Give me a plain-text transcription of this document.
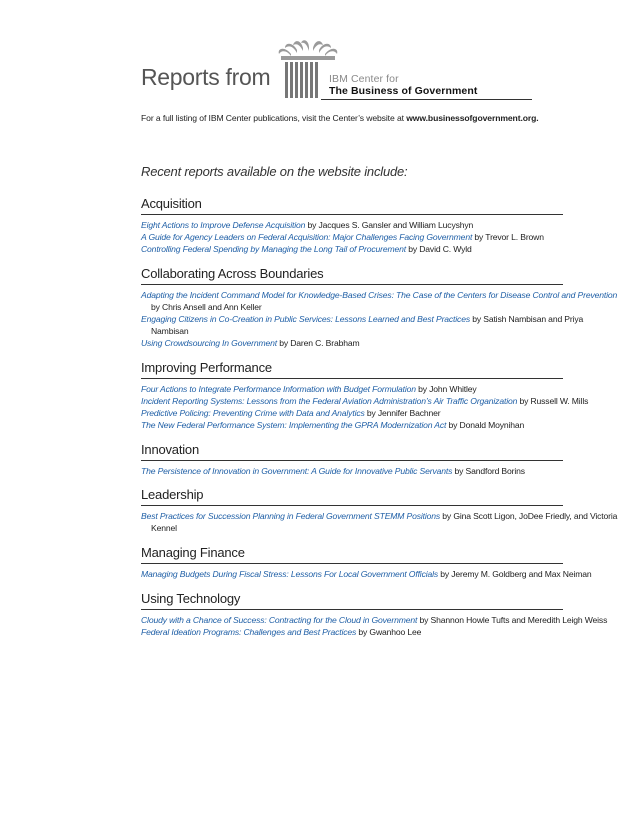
Reports from	IBM Center for
The Business of Government
For a full listing of IBM Center publications, visit the Center’s website at www.businessofgovernment.org.
Recent reports available on the website include:
Acquisition
Eight Actions to Improve Defense Acquisition by Jacques S. Gansler and William Lucyshyn
A Guide for Agency Leaders on Federal Acquisition: Major Challenges Facing Government by Trevor L. Brown
Controlling Federal Spending by Managing the Long Tail of Procurement by David C. Wyld
Collaborating Across Boundaries
Adapting the Incident Command Model for Knowledge-Based Crises: The Case of the Centers for Disease Control and Prevention by Chris Ansell and Ann Keller
Engaging Citizens in Co-Creation in Public Services: Lessons Learned and Best Practices by Satish Nambisan and Priya Nambisan
Using Crowdsourcing In Government by Daren C. Brabham
Improving Performance
Four Actions to Integrate Performance Information with Budget Formulation by John Whitley
Incident Reporting Systems: Lessons from the Federal Aviation Administration’s Air Traffic Organization by Russell W. Mills
Predictive Policing: Preventing Crime with Data and Analytics by Jennifer Bachner
The New Federal Performance System: Implementing the GPRA Modernization Act by Donald Moynihan
Innovation
The Persistence of Innovation in Government: A Guide for Innovative Public Servants by Sandford Borins
Leadership
Best Practices for Succession Planning in Federal Government STEMM Positions by Gina Scott Ligon, JoDee Friedly, and Victoria Kennel
Managing Finance
Managing Budgets During Fiscal Stress: Lessons For Local Government Officials by Jeremy M. Goldberg and Max Neiman
Using Technology
Cloudy with a Chance of Success: Contracting for the Cloud in Government by Shannon Howle Tufts and Meredith Leigh Weiss
Federal Ideation Programs: Challenges and Best Practices by Gwanhoo Lee
